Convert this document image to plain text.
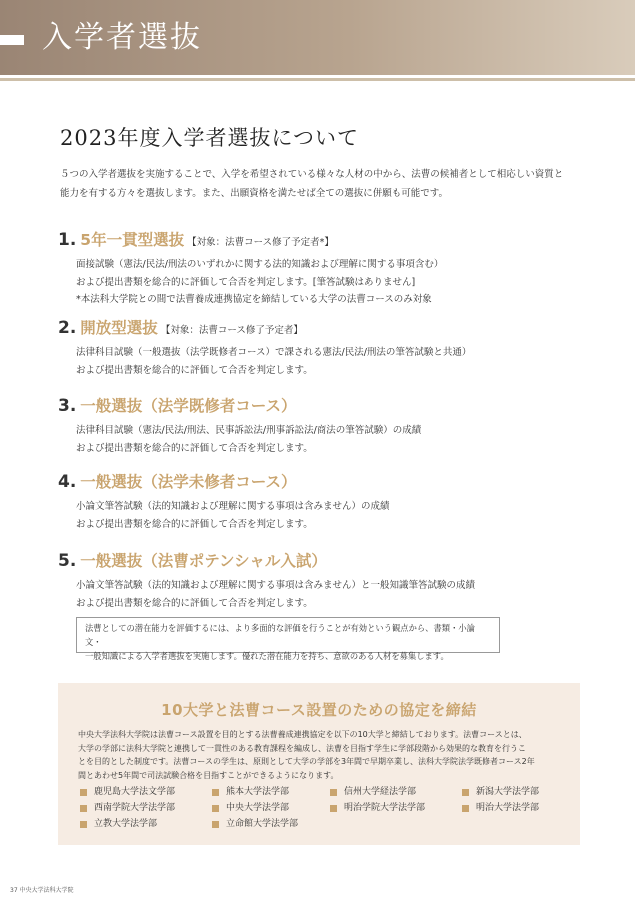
入学者選抜
2023年度入学者選抜について
５つの入学者選抜を実施することで、入学を希望されている様々な人材の中から、法曹の候補者として相応しい資質と
能力を有する方々を選抜します。また、出願資格を満たせば全ての選抜に併願も可能です。
1. 5年一貫型選抜 【対象：法曹コース修了予定者*】
面接試験（憲法/民法/刑法のいずれかに関する法的知識および理解に関する事項含む）
および提出書類を総合的に評価して合否を判定します。[筆答試験はありません]
*本法科大学院との間で法曹養成連携協定を締結している大学の法曹コースのみ対象
2. 開放型選抜 【対象：法曹コース修了予定者】
法律科目試験（一般選抜（法学既修者コース）で課される憲法/民法/刑法の筆答試験と共通）
および提出書類を総合的に評価して合否を判定します。
3. 一般選抜（法学既修者コース）
法律科目試験（憲法/民法/刑法、民事訴訟法/刑事訴訟法/商法の筆答試験）の成績
および提出書類を総合的に評価して合否を判定します。
4. 一般選抜（法学未修者コース）
小論文筆答試験（法的知識および理解に関する事項は含みません）の成績
および提出書類を総合的に評価して合否を判定します。
5. 一般選抜（法曹ポテンシャル入試）
小論文筆答試験（法的知識および理解に関する事項は含みません）と一般知識筆答試験の成績
および提出書類を総合的に評価して合否を判定します。
法曹としての潜在能力を評価するには、より多面的な評価を行うことが有効という観点から、書類・小論文・
一般知識による入学者選抜を実施します。優れた潜在能力を持ち、意欲のある人材を募集します。
10大学と法曹コース設置のための協定を締結
中央大学法科大学院は法曹コース設置を目的とする法曹養成連携協定を以下の10大学と締結しております。法曹コースとは、
大学の学部に法科大学院と連携して一貫性のある教育課程を編成し、法曹を目指す学生に学部段階から効果的な教育を行うこ
とを目的とした制度です。法曹コースの学生は、原則として大学の学部を3年間で早期卒業し、法科大学院法学既修者コース2年
間とあわせ5年間で司法試験合格を目指すことができるようになります。
鹿児島大学法文学部	熊本大学法学部	信州大学経法学部	新潟大学法学部
西南学院大学法学部	中央大学法学部	明治学院大学法学部	明治大学法学部
立教大学法学部	立命館大学法学部
37 中央大学法科大学院
